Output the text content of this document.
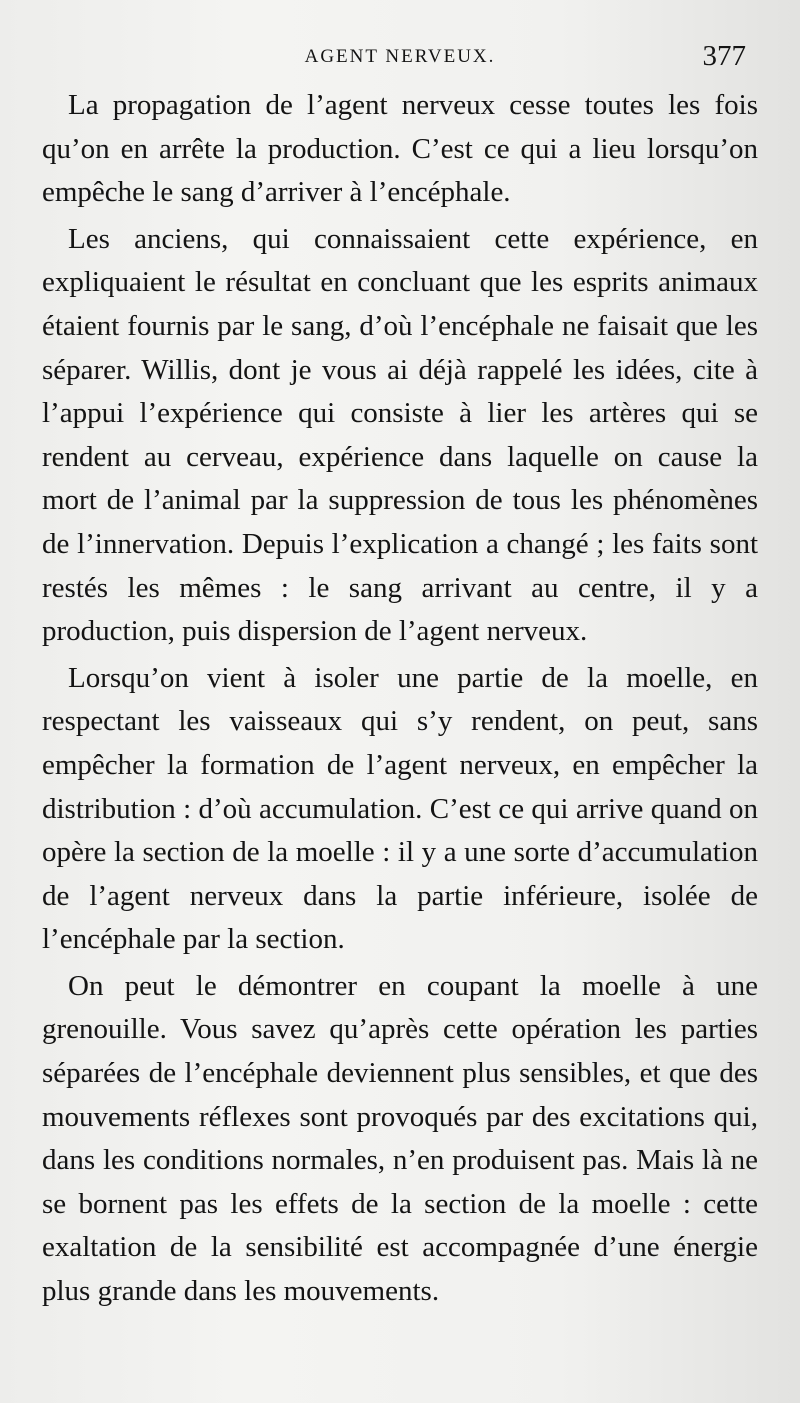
AGENT NERVEUX.	377

La propagation de l’agent nerveux cesse toutes les fois qu’on en arrête la production. C’est ce qui a lieu lorsqu’on empêche le sang d’arriver à l’encéphale.

Les anciens, qui connaissaient cette expérience, en expliquaient le résultat en concluant que les esprits animaux étaient fournis par le sang, d’où l’encéphale ne faisait que les séparer. Willis, dont je vous ai déjà rappelé les idées, cite à l’appui l’expérience qui consiste à lier les artères qui se rendent au cerveau, expérience dans laquelle on cause la mort de l’animal par la suppression de tous les phénomènes de l’innervation. Depuis l’explication a changé ; les faits sont restés les mêmes : le sang arrivant au centre, il y a production, puis dispersion de l’agent nerveux.

Lorsqu’on vient à isoler une partie de la moelle, en respectant les vaisseaux qui s’y rendent, on peut, sans empêcher la formation de l’agent nerveux, en empêcher la distribution : d’où accumulation. C’est ce qui arrive quand on opère la section de la moelle : il y a une sorte d’accumulation de l’agent nerveux dans la partie inférieure, isolée de l’encéphale par la section.

On peut le démontrer en coupant la moelle à une grenouille. Vous savez qu’après cette opération les parties séparées de l’encéphale deviennent plus sensibles, et que des mouvements réflexes sont provoqués par des excitations qui, dans les conditions normales, n’en produisent pas. Mais là ne se bornent pas les effets de la section de la moelle : cette exaltation de la sensibilité est accompagnée d’une énergie plus grande dans les mouvements.
